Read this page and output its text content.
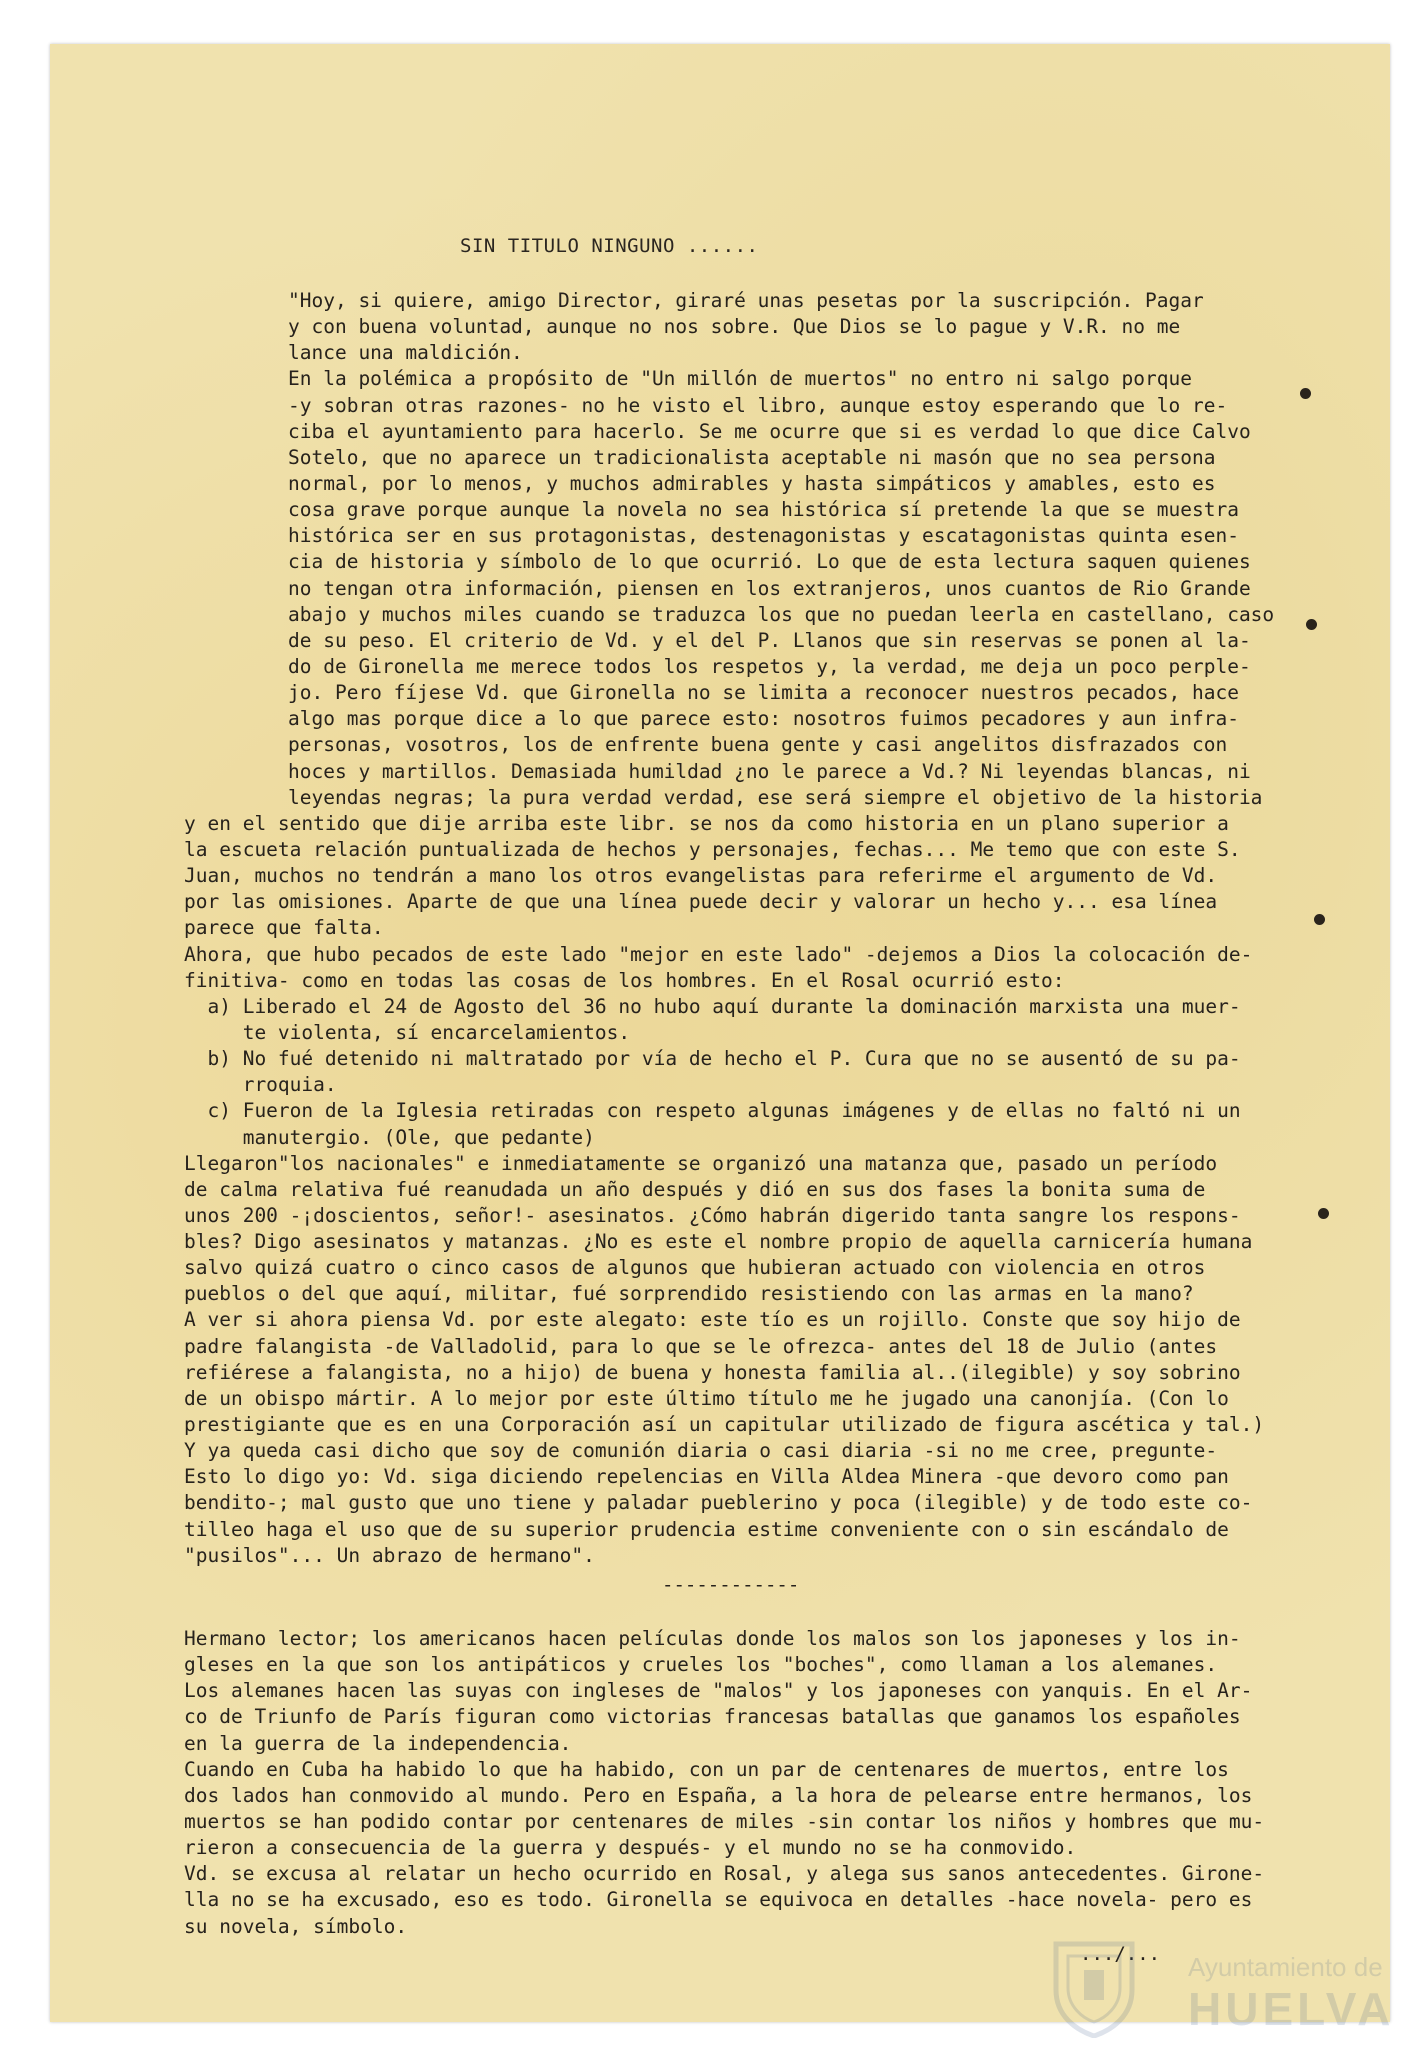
SIN TITULO NINGUNO ......
"Hoy, si quiere, amigo Director, giraré unas pesetas por la suscripción. Pagar
y con buena voluntad, aunque no nos sobre. Que Dios se lo pague y V.R. no me
lance una maldición.
En la polémica a propósito de "Un millón de muertos" no entro ni salgo porque
-y sobran otras razones- no he visto el libro, aunque estoy esperando que lo re-
ciba el ayuntamiento para hacerlo. Se me ocurre que si es verdad lo que dice Calvo
Sotelo, que no aparece un tradicionalista aceptable ni masón que no sea persona
normal, por lo menos, y muchos admirables y hasta simpáticos y amables, esto es
cosa grave porque aunque la novela no sea histórica sí pretende la que se muestra
histórica ser en sus protagonistas, destenagonistas y escatagonistas quinta esen-
cia de historia y símbolo de lo que ocurrió. Lo que de esta lectura saquen quienes
no tengan otra información, piensen en los extranjeros, unos cuantos de Rio Grande
abajo y muchos miles cuando se traduzca los que no puedan leerla en castellano, caso
de su peso. El criterio de Vd. y el del P. Llanos que sin reservas se ponen al la-
do de Gironella me merece todos los respetos y, la verdad, me deja un poco perple-
jo. Pero fíjese Vd. que Gironella no se limita a reconocer nuestros pecados, hace
algo mas porque dice a lo que parece esto: nosotros fuimos pecadores y aun infra-
personas, vosotros, los de enfrente buena gente y casi angelitos disfrazados con
hoces y martillos. Demasiada humildad ¿no le parece a Vd.? Ni leyendas blancas, ni
leyendas negras; la pura verdad verdad, ese será siempre el objetivo de la historia
y en el sentido que dije arriba este libr. se nos da como historia en un plano superior a
la escueta relación puntualizada de hechos y personajes, fechas... Me temo que con este S.
Juan, muchos no tendrán a mano los otros evangelistas para referirme el argumento de Vd.
por las omisiones. Aparte de que una línea puede decir y valorar un hecho y... esa línea
parece que falta.
Ahora, que hubo pecados de este lado "mejor en este lado" -dejemos a Dios la colocación de-
finitiva- como en todas las cosas de los hombres. En el Rosal ocurrió esto:
a) Liberado el 24 de Agosto del 36 no hubo aquí durante la dominación marxista una muer-
te violenta, sí encarcelamientos.
b) No fué detenido ni maltratado por vía de hecho el P. Cura que no se ausentó de su pa-
rroquia.
c) Fueron de la Iglesia retiradas con respeto algunas imágenes y de ellas no faltó ni un
manutergio. (Ole, que pedante)
Llegaron"los nacionales" e inmediatamente se organizó una matanza que, pasado un período
de calma relativa fué reanudada un año después y dió en sus dos fases la bonita suma de
unos 200 -¡doscientos, señor!- asesinatos. ¿Cómo habrán digerido tanta sangre los respons-
bles? Digo asesinatos y matanzas. ¿No es este el nombre propio de aquella carnicería humana
salvo quizá cuatro o cinco casos de algunos que hubieran actuado con violencia en otros
pueblos o del que aquí, militar, fué sorprendido resistiendo con las armas en la mano?
A ver si ahora piensa Vd. por este alegato: este tío es un rojillo. Conste que soy hijo de
padre falangista -de Valladolid, para lo que se le ofrezca- antes del 18 de Julio (antes
refiérese a falangista, no a hijo) de buena y honesta familia al..(ilegible) y soy sobrino
de un obispo mártir. A lo mejor por este último título me he jugado una canonjía. (Con lo
prestigiante que es en una Corporación así un capitular utilizado de figura ascética y tal.)
Y ya queda casi dicho que soy de comunión diaria o casi diaria -si no me cree, pregunte-
Esto lo digo yo: Vd. siga diciendo repelencias en Villa Aldea Minera -que devoro como pan
bendito-; mal gusto que uno tiene y paladar pueblerino y poca (ilegible) y de todo este co-
tilleo haga el uso que de su superior prudencia estime conveniente con o sin escándalo de
"pusilos"... Un abrazo de hermano".
------------
Hermano lector; los americanos hacen películas donde los malos son los japoneses y los in-
gleses en la que son los antipáticos y crueles los "boches", como llaman a los alemanes.
Los alemanes hacen las suyas con ingleses de "malos" y los japoneses con yanquis. En el Ar-
co de Triunfo de París figuran como victorias francesas batallas que ganamos los españoles
en la guerra de la independencia.
Cuando en Cuba ha habido lo que ha habido, con un par de centenares de muertos, entre los
dos lados han conmovido al mundo. Pero en España, a la hora de pelearse entre hermanos, los
muertos se han podido contar por centenares de miles -sin contar los niños y hombres que mu-
rieron a consecuencia de la guerra y después- y el mundo no se ha conmovido.
Vd. se excusa al relatar un hecho ocurrido en Rosal, y alega sus sanos antecedentes. Girone-
lla no se ha excusado, eso es todo. Gironella se equivoca en detalles -hace novela- pero es
su novela, símbolo.
.../... Ayuntamiento de
HUELVA
